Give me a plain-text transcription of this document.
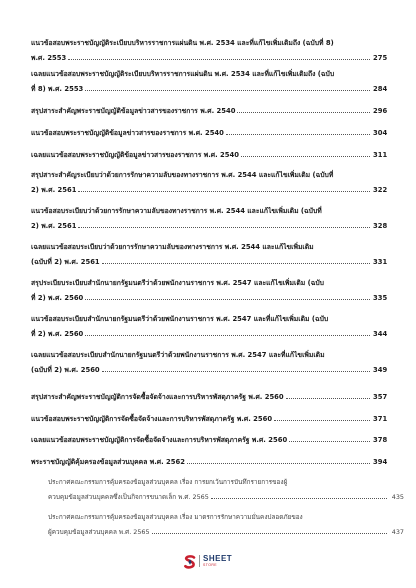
แนวข้อสอบพระราชบัญญัติระเบียบบริหารราชการแผ่นดิน พ.ศ. 2534 และที่แก้ไขเพิ่มเติมถึง (ฉบับที่ 8)
พ.ศ. 2553	275
เฉลยแนวข้อสอบพระราชบัญญัติระเบียบบริหารราชการแผ่นดิน พ.ศ. 2534 และที่แก้ไขเพิ่มเติมถึง (ฉบับ
ที่ 8) พ.ศ. 2553	284
สรุปสาระสำคัญพระราชบัญญัติข้อมูลข่าวสารของราชการ พ.ศ. 2540	296
แนวข้อสอบพระราชบัญญัติข้อมูลข่าวสารของราชการ พ.ศ. 2540	304
เฉลยแนวข้อสอบพระราชบัญญัติข้อมูลข่าวสารของราชการ พ.ศ. 2540	311
สรุปสาระสำคัญระเบียบว่าด้วยการรักษาความลับของทางราชการ พ.ศ. 2544 และแก้ไขเพิ่มเติม (ฉบับที่
2) พ.ศ. 2561	322
แนวข้อสอบระเบียบว่าด้วยการรักษาความลับของทางราชการ พ.ศ. 2544 และแก้ไขเพิ่มเติม (ฉบับที่
2) พ.ศ. 2561	328
เฉลยแนวข้อสอบระเบียบว่าด้วยการรักษาความลับของทางราชการ พ.ศ. 2544 และแก้ไขเพิ่มเติม
(ฉบับที่ 2) พ.ศ. 2561	331
สรุประเบียบระเบียบสำนักนายกรัฐมนตรีว่าด้วยพนักงานราชการ พ.ศ. 2547 และแก้ไขเพิ่มเติม (ฉบับ
ที่ 2) พ.ศ. 2560	335
แนวข้อสอบระเบียบสำนักนายกรัฐมนตรีว่าด้วยพนักงานราชการ พ.ศ. 2547 และที่แก้ไขเพิ่มเติม (ฉบับ
ที่ 2) พ.ศ. 2560	344
เฉลยแนวข้อสอบระเบียบสำนักนายกรัฐมนตรีว่าด้วยพนักงานราชการ พ.ศ. 2547 และที่แก้ไขเพิ่มเติม
(ฉบับที่ 2) พ.ศ. 2560	349
สรุปสาระสำคัญพระราชบัญญัติการจัดซื้อจัดจ้างและการบริหารพัสดุภาครัฐ พ.ศ. 2560	357
แนวข้อสอบพระราชบัญญัติการจัดซื้อจัดจ้างและการบริหารพัสดุภาครัฐ พ.ศ. 2560	371
เฉลยแนวข้อสอบพระราชบัญญัติการจัดซื้อจัดจ้างและการบริหารพัสดุภาครัฐ พ.ศ. 2560	378
พระราชบัญญัติคุ้มครองข้อมูลส่วนบุคคล พ.ศ. 2562	394
ประกาศคณะกรรมการคุ้มครองข้อมูลส่วนบุคคล เรื่อง การยกเว้นการบันทึกรายการของผู้
ควบคุมข้อมูลส่วนบุคคลซึ่งเป็นกิจการขนาดเล็ก พ.ศ. 2565	435
ประกาศคณะกรรมการคุ้มครองข้อมูลส่วนบุคคล เรื่อง มาตรการรักษาความมั่นคงปลอดภัยของ
ผู้ควบคุมข้อมูลส่วนบุคคล พ.ศ. 2565	437
SHEET
STORE
